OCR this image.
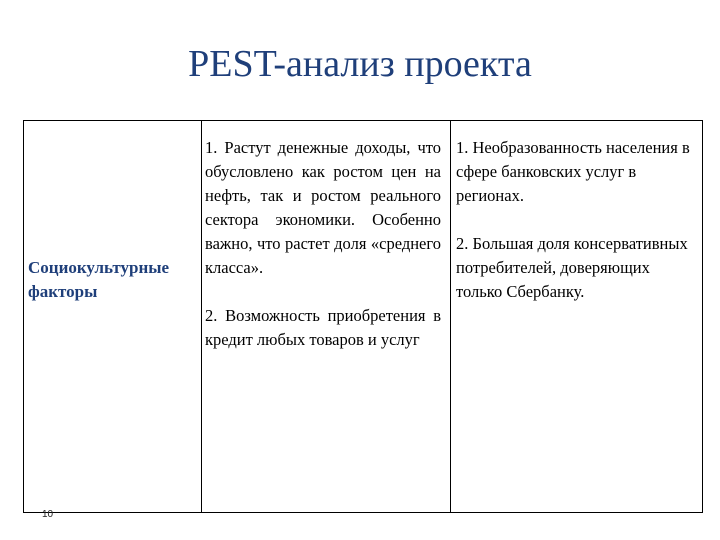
PEST-анализ проекта
Социокультурные факторы

1. Растут денежные доходы, что обусловлено как ростом цен на нефть, так и ростом реального сектора экономики. Особенно важно, что растет доля «среднего класса».

2. Возможность приобретения в кредит любых товаров и услуг

1. Необразованность населения в сфере банковских услуг в регионах.

2. Большая доля консервативных потребителей, доверяющих только Сбербанку.

10
